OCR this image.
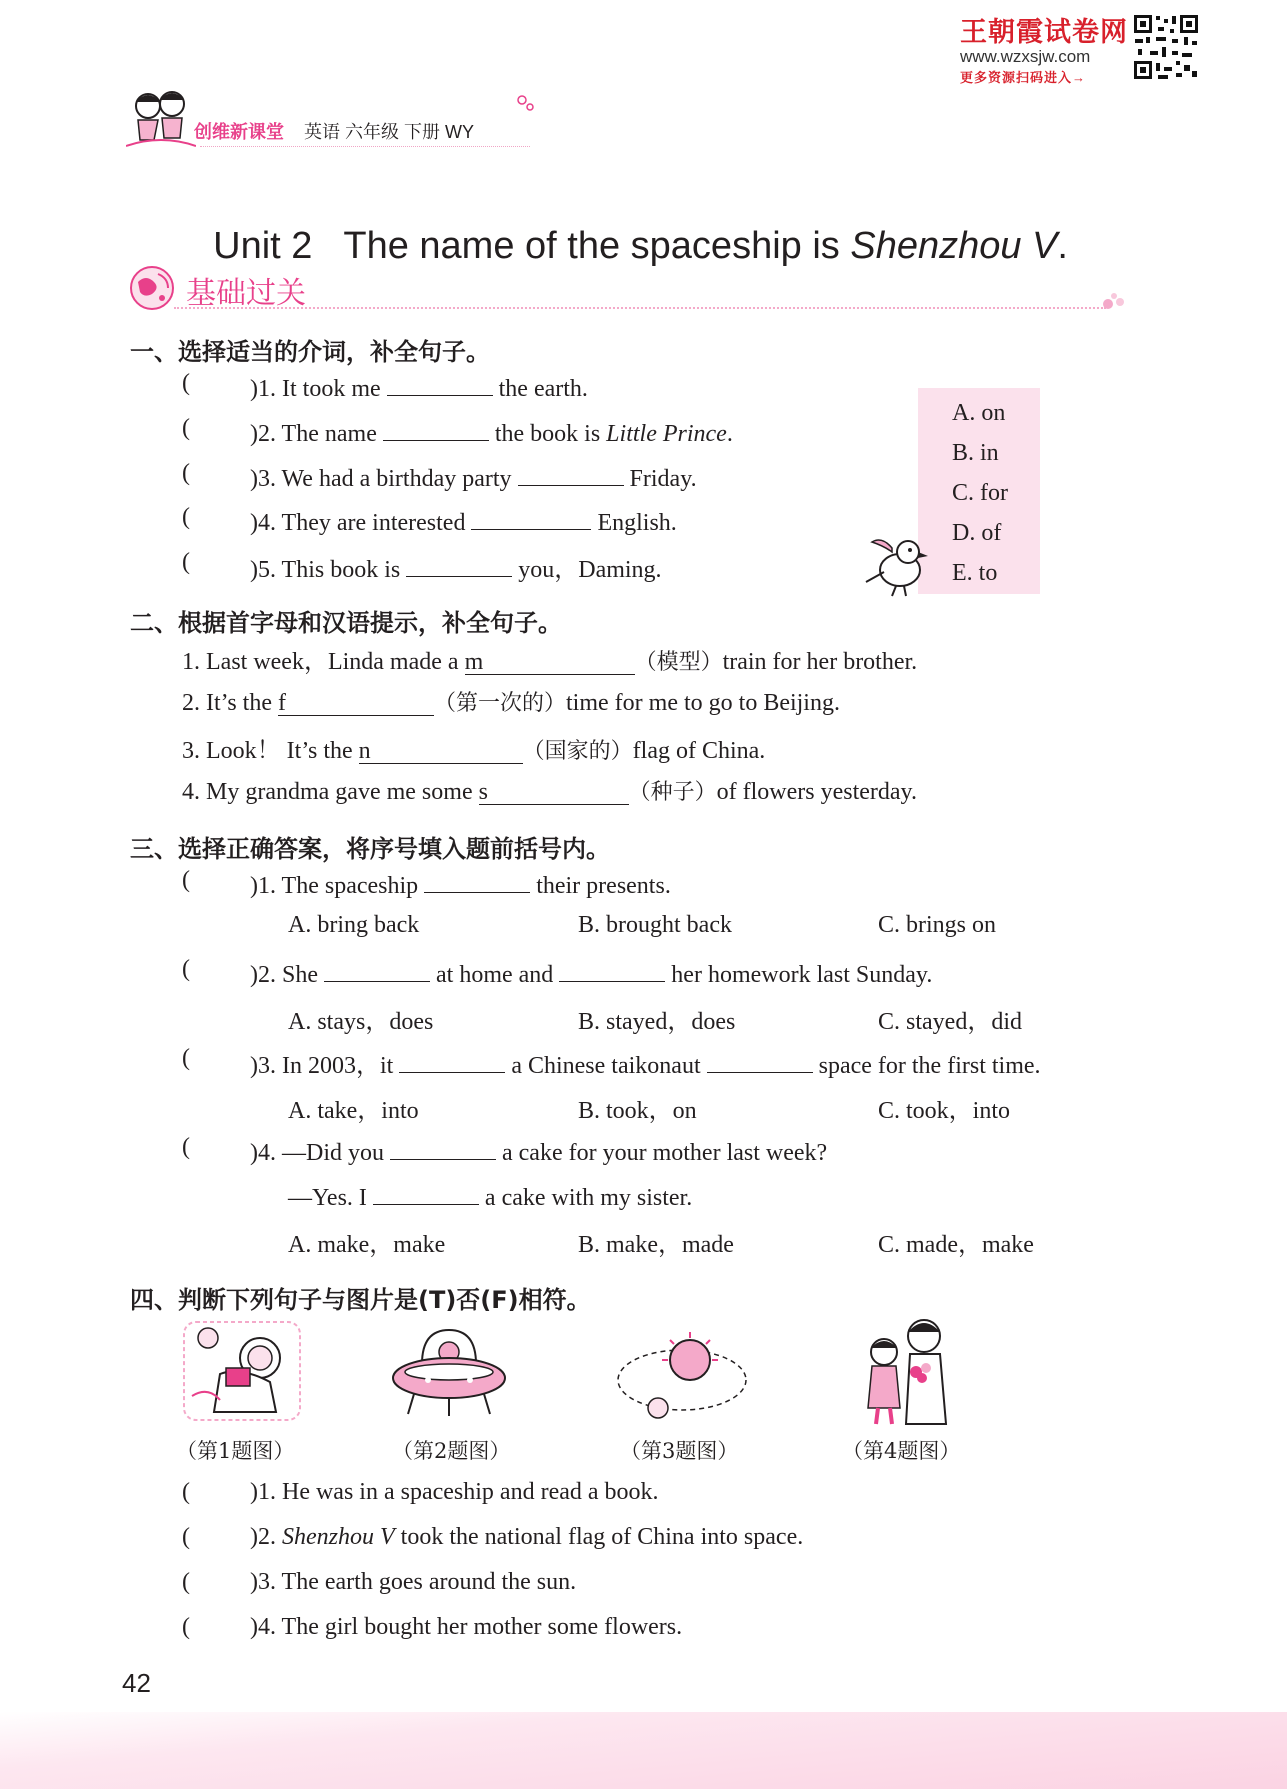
王朝霞试卷网
www.wzxsjw.com
更多资源扫码进入→
创维新课堂 英语 六年级 下册 WY

Unit 2   The name of the spaceship is Shenzhou V.

基础过关
一、选择适当的介词，补全句子。
(	)1. It took me	the earth.
(	)2. The name	the book is Little Prince.
(	)3. We had a birthday party	Friday.
(	)4. They are interested	English.
(	)5. This book is	you，Daming.
A. on
B. in
C. for
D. of
E. to
二、根据首字母和汉语提示，补全句子。
1. Last week，Linda made a m	（模型）train for her brother.
2. It’s the f	（第一次的）time for me to go to Beijing.
3. Look！ It’s the n	（国家的）flag of China.
4. My grandma gave me some s	（种子）of flowers yesterday.
三、选择正确答案，将序号填入题前括号内。
(	)1. The spaceship	their presents.
A. bring back	B. brought back	C. brings on
(	)2. She	at home and	her homework last Sunday.
A. stays，does	B. stayed，does	C. stayed，did
(	)3. In 2003，it	a Chinese taikonaut	space for the first time.
A. take，into	B. took，on	C. took，into
(	)4. —Did you	a cake for your mother last week?
—Yes. I	a cake with my sister.
A. make，make	B. make，made	C. made，make
四、判断下列句子与图片是(T)否(F)相符。
（第1题图）	（第2题图）	（第3题图）	（第4题图）
(	)1. He was in a spaceship and read a book.
(	)2. Shenzhou V took the national flag of China into space.
(	)3. The earth goes around the sun.
(	)4. The girl bought her mother some flowers.
42
